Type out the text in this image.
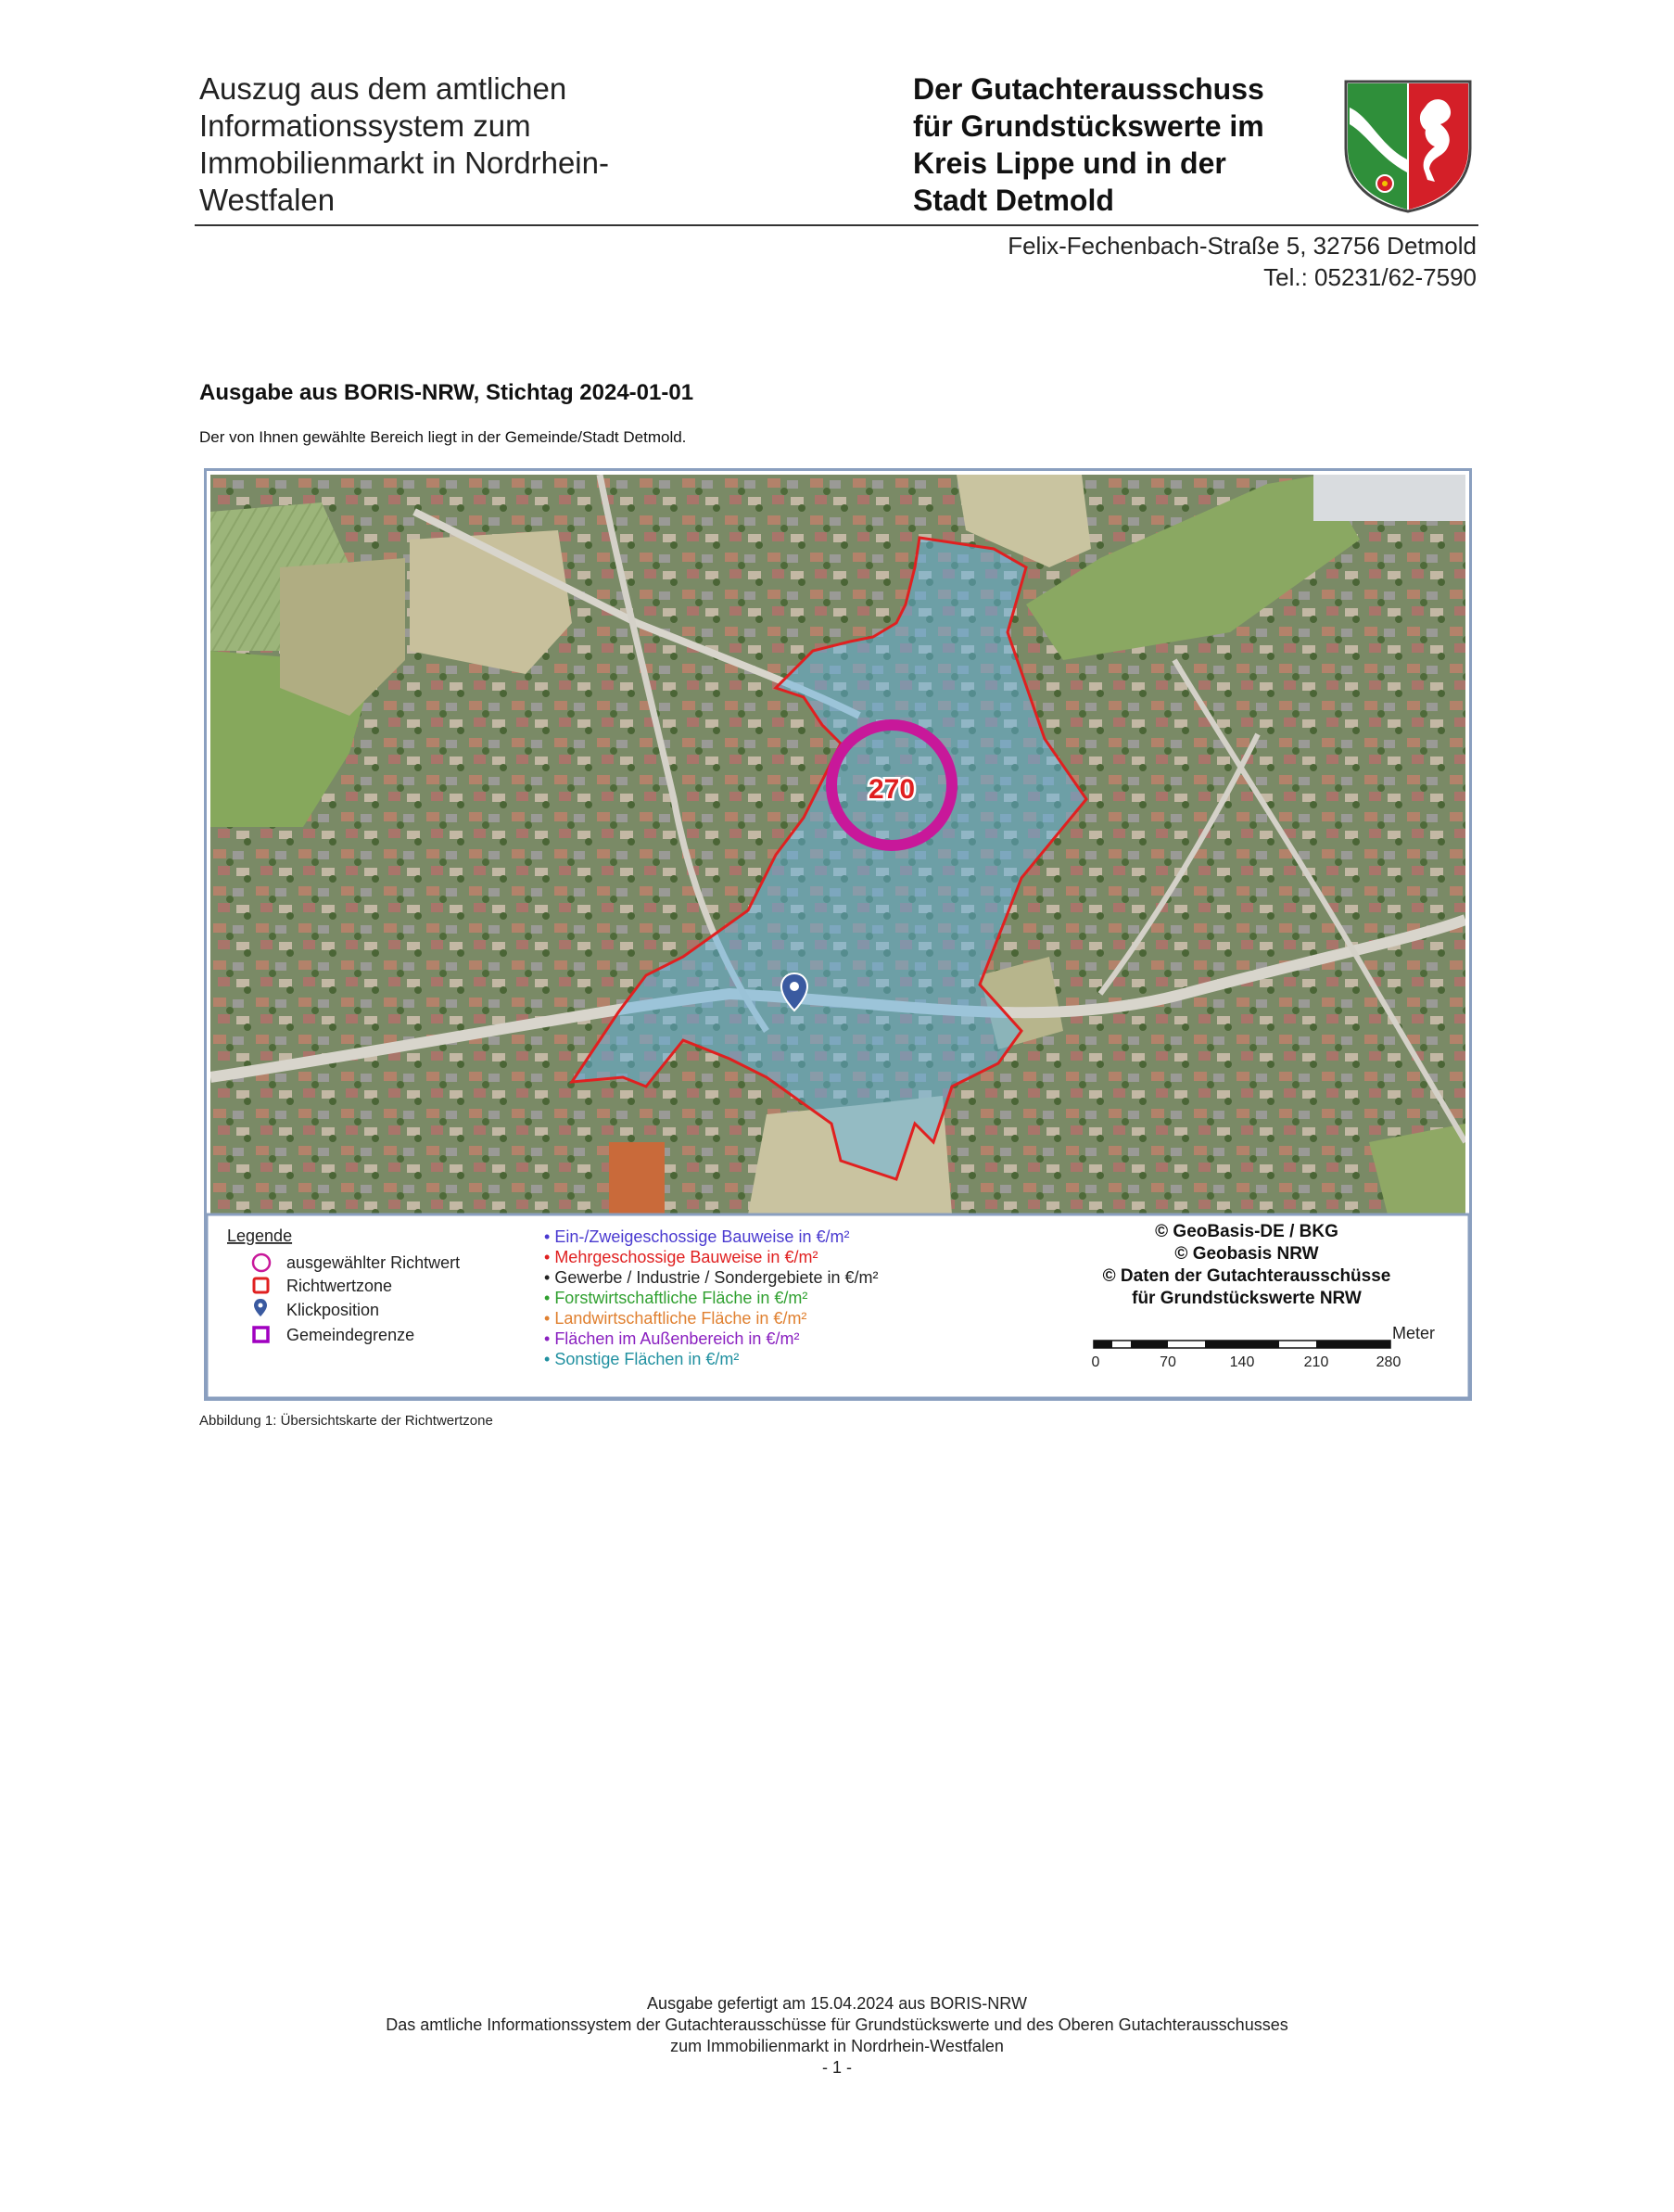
Auszug aus dem amtlichen
Informationssystem zum
Immobilienmarkt in Nordrhein-
Westfalen
Der Gutachterausschuss
für Grundstückswerte im
Kreis Lippe und in der
Stadt Detmold
Felix-Fechenbach-Straße 5, 32756 Detmold
Tel.: 05231/62-7590
Ausgabe aus BORIS-NRW, Stichtag 2024-01-01
Der von Ihnen gewählte Bereich liegt in der Gemeinde/Stadt Detmold.
270
Legende
ausgewählter Richtwert
Richtwertzone
Klickposition
Gemeindegrenze
• Ein-/Zweigeschossige Bauweise in €/m²
• Mehrgeschossige Bauweise in €/m²
• Gewerbe / Industrie / Sondergebiete in €/m²
• Forstwirtschaftliche Fläche in €/m²
• Landwirtschaftliche Fläche in €/m²
• Flächen im Außenbereich in €/m²
• Sonstige Flächen in €/m²
© GeoBasis-DE / BKG
© Geobasis NRW
© Daten der Gutachterausschüsse
für Grundstückswerte NRW
Meter
0	70	140	210	280
Abbildung 1: Übersichtskarte der Richtwertzone
Ausgabe gefertigt am 15.04.2024 aus BORIS-NRW
Das amtliche Informationssystem der Gutachterausschüsse für Grundstückswerte und des Oberen Gutachterausschusses
zum Immobilienmarkt in Nordrhein-Westfalen
- 1 -
